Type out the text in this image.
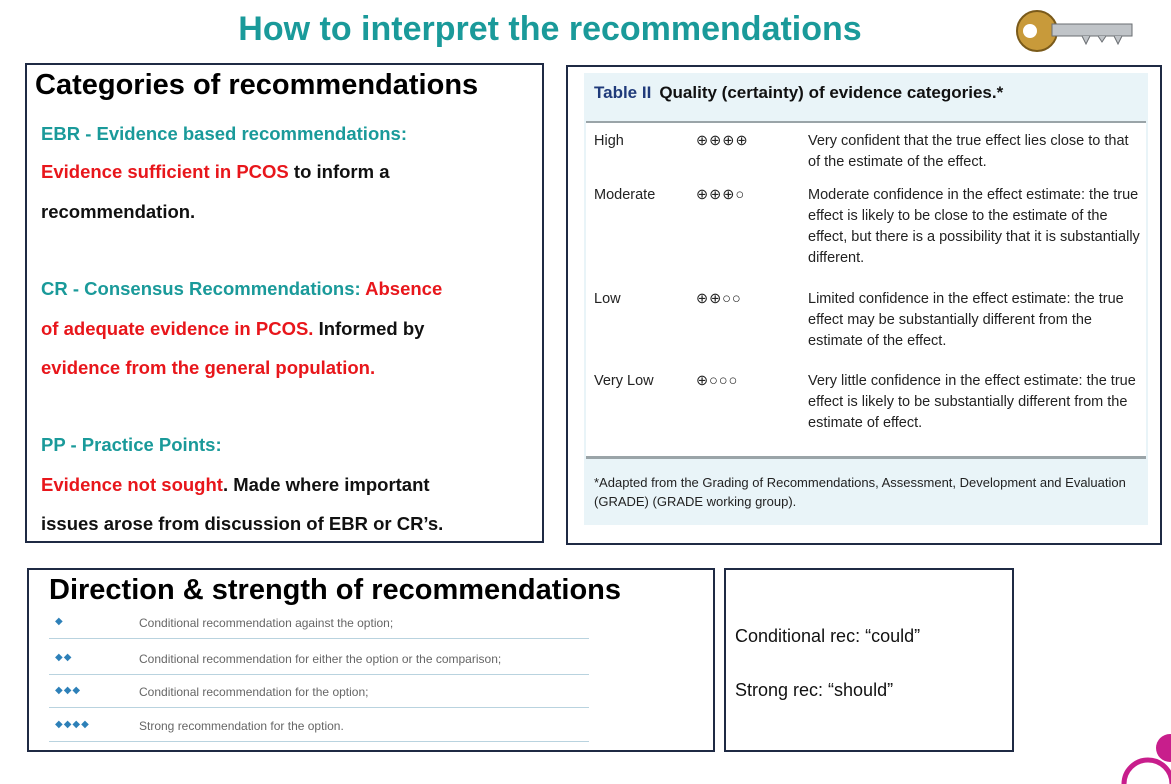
How to interpret the recommendations
Categories of recommendations
EBR - Evidence based recommendations:
Evidence sufficient in PCOS to inform a
recommendation.
CR - Consensus Recommendations: Absence
of adequate evidence in PCOS. Informed by
evidence from the general population.
PP - Practice Points:
Evidence not sought. Made where important
issues arose from discussion of EBR or CR’s.
Table II Quality (certainty) of evidence categories.*
High	⊕⊕⊕⊕	Very confident that the true effect lies close to that of the estimate of the effect.
Moderate	⊕⊕⊕○	Moderate confidence in the effect estimate: the true effect is likely to be close to the estimate of the effect, but there is a possibility that it is substantially different.
Low	⊕⊕○○	Limited confidence in the effect estimate: the true effect may be substantially different from the estimate of the effect.
Very Low	⊕○○○	Very little confidence in the effect estimate: the true effect is likely to be substantially different from the estimate of effect.
*Adapted from the Grading of Recommendations, Assessment, Development and Evaluation (GRADE) (GRADE working group).
Direction & strength of recommendations
◆	Conditional recommendation against the option;
◆◆	Conditional recommendation for either the option or the comparison;
◆◆◆	Conditional recommendation for the option;
◆◆◆◆	Strong recommendation for the option.
Conditional rec: “could”
Strong rec: “should”
